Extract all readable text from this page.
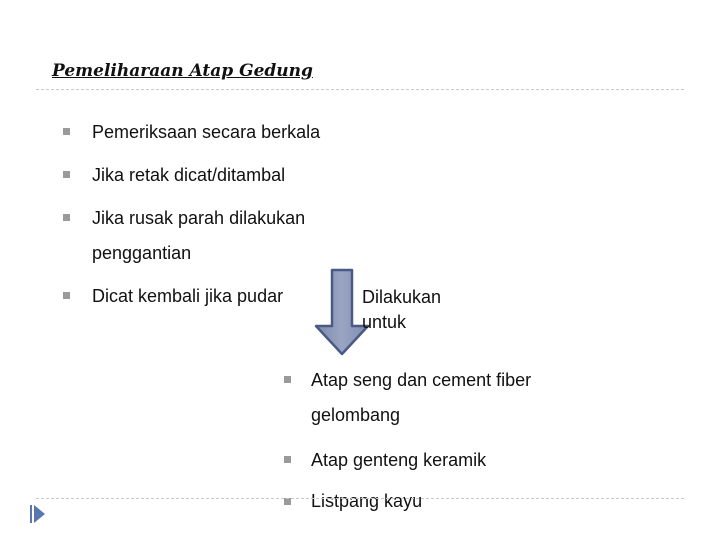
Pemeliharaan Atap Gedung
Pemeriksaan secara berkala
Jika retak dicat/ditambal
Jika rusak parah dilakukan
penggantian
Dicat kembali jika pudar	Dilakukan
untuk
Atap seng dan cement fiber
gelombang
Atap genteng keramik
Listpang kayu
